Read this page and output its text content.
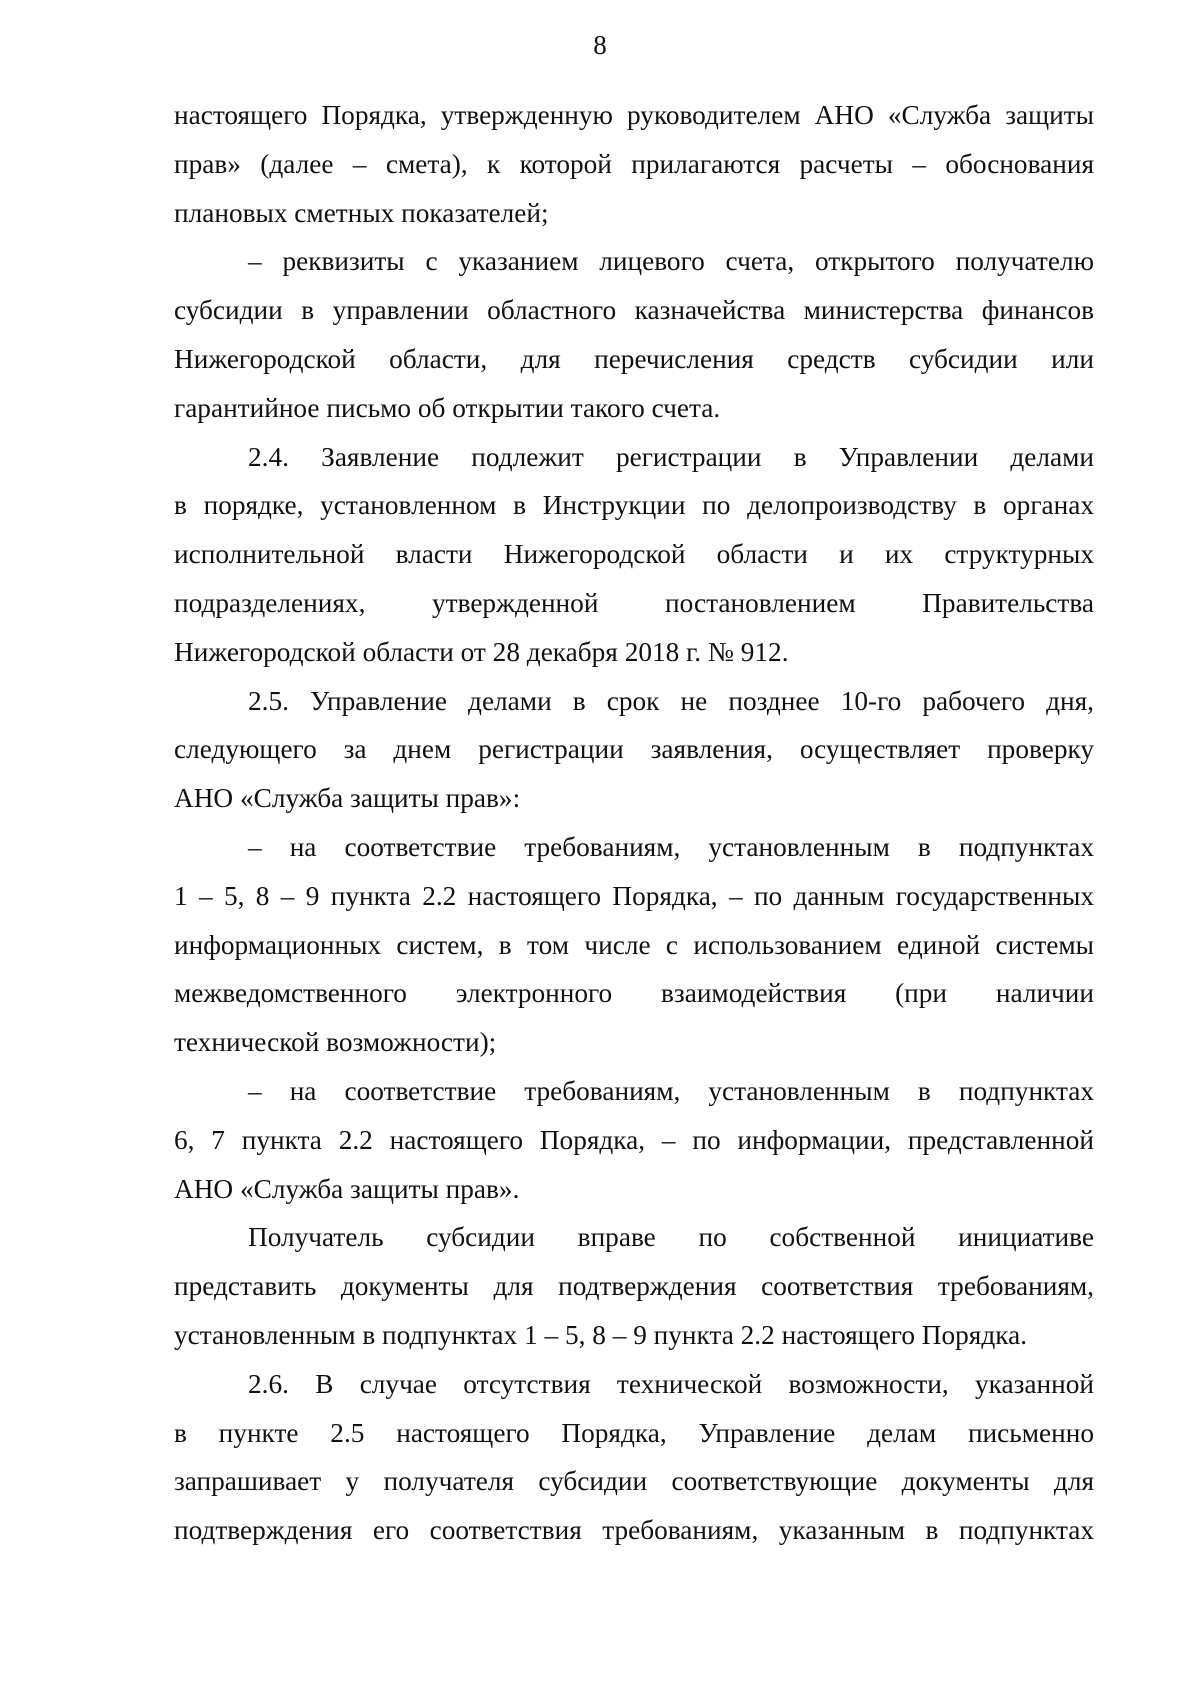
8
настоящего Порядка, утвержденную руководителем АНО «Служба защиты
прав» (далее – смета), к которой прилагаются расчеты – обоснования
плановых сметных показателей;
– реквизиты с указанием лицевого счета, открытого получателю
субсидии в управлении областного казначейства министерства финансов
Нижегородской области, для перечисления средств субсидии или
гарантийное письмо об открытии такого счета.
2.4. Заявление подлежит регистрации в Управлении делами
в порядке, установленном в Инструкции по делопроизводству в органах
исполнительной власти Нижегородской области и их структурных
подразделениях, утвержденной постановлением Правительства
Нижегородской области от 28 декабря 2018 г. № 912.
2.5. Управление делами в срок не позднее 10-го рабочего дня,
следующего за днем регистрации заявления, осуществляет проверку
АНО «Служба защиты прав»:
– на соответствие требованиям, установленным в подпунктах
1 – 5, 8 – 9 пункта 2.2 настоящего Порядка, – по данным государственных
информационных систем, в том числе с использованием единой системы
межведомственного электронного взаимодействия (при наличии
технической возможности);
– на соответствие требованиям, установленным в подпунктах
6, 7 пункта 2.2 настоящего Порядка, – по информации, представленной
АНО «Служба защиты прав».
Получатель субсидии вправе по собственной инициативе
представить документы для подтверждения соответствия требованиям,
установленным в подпунктах 1 – 5, 8 – 9 пункта 2.2 настоящего Порядка.
2.6. В случае отсутствия технической возможности, указанной
в пункте 2.5 настоящего Порядка, Управление делам письменно
запрашивает у получателя субсидии соответствующие документы для
подтверждения его соответствия требованиям, указанным в подпунктах
